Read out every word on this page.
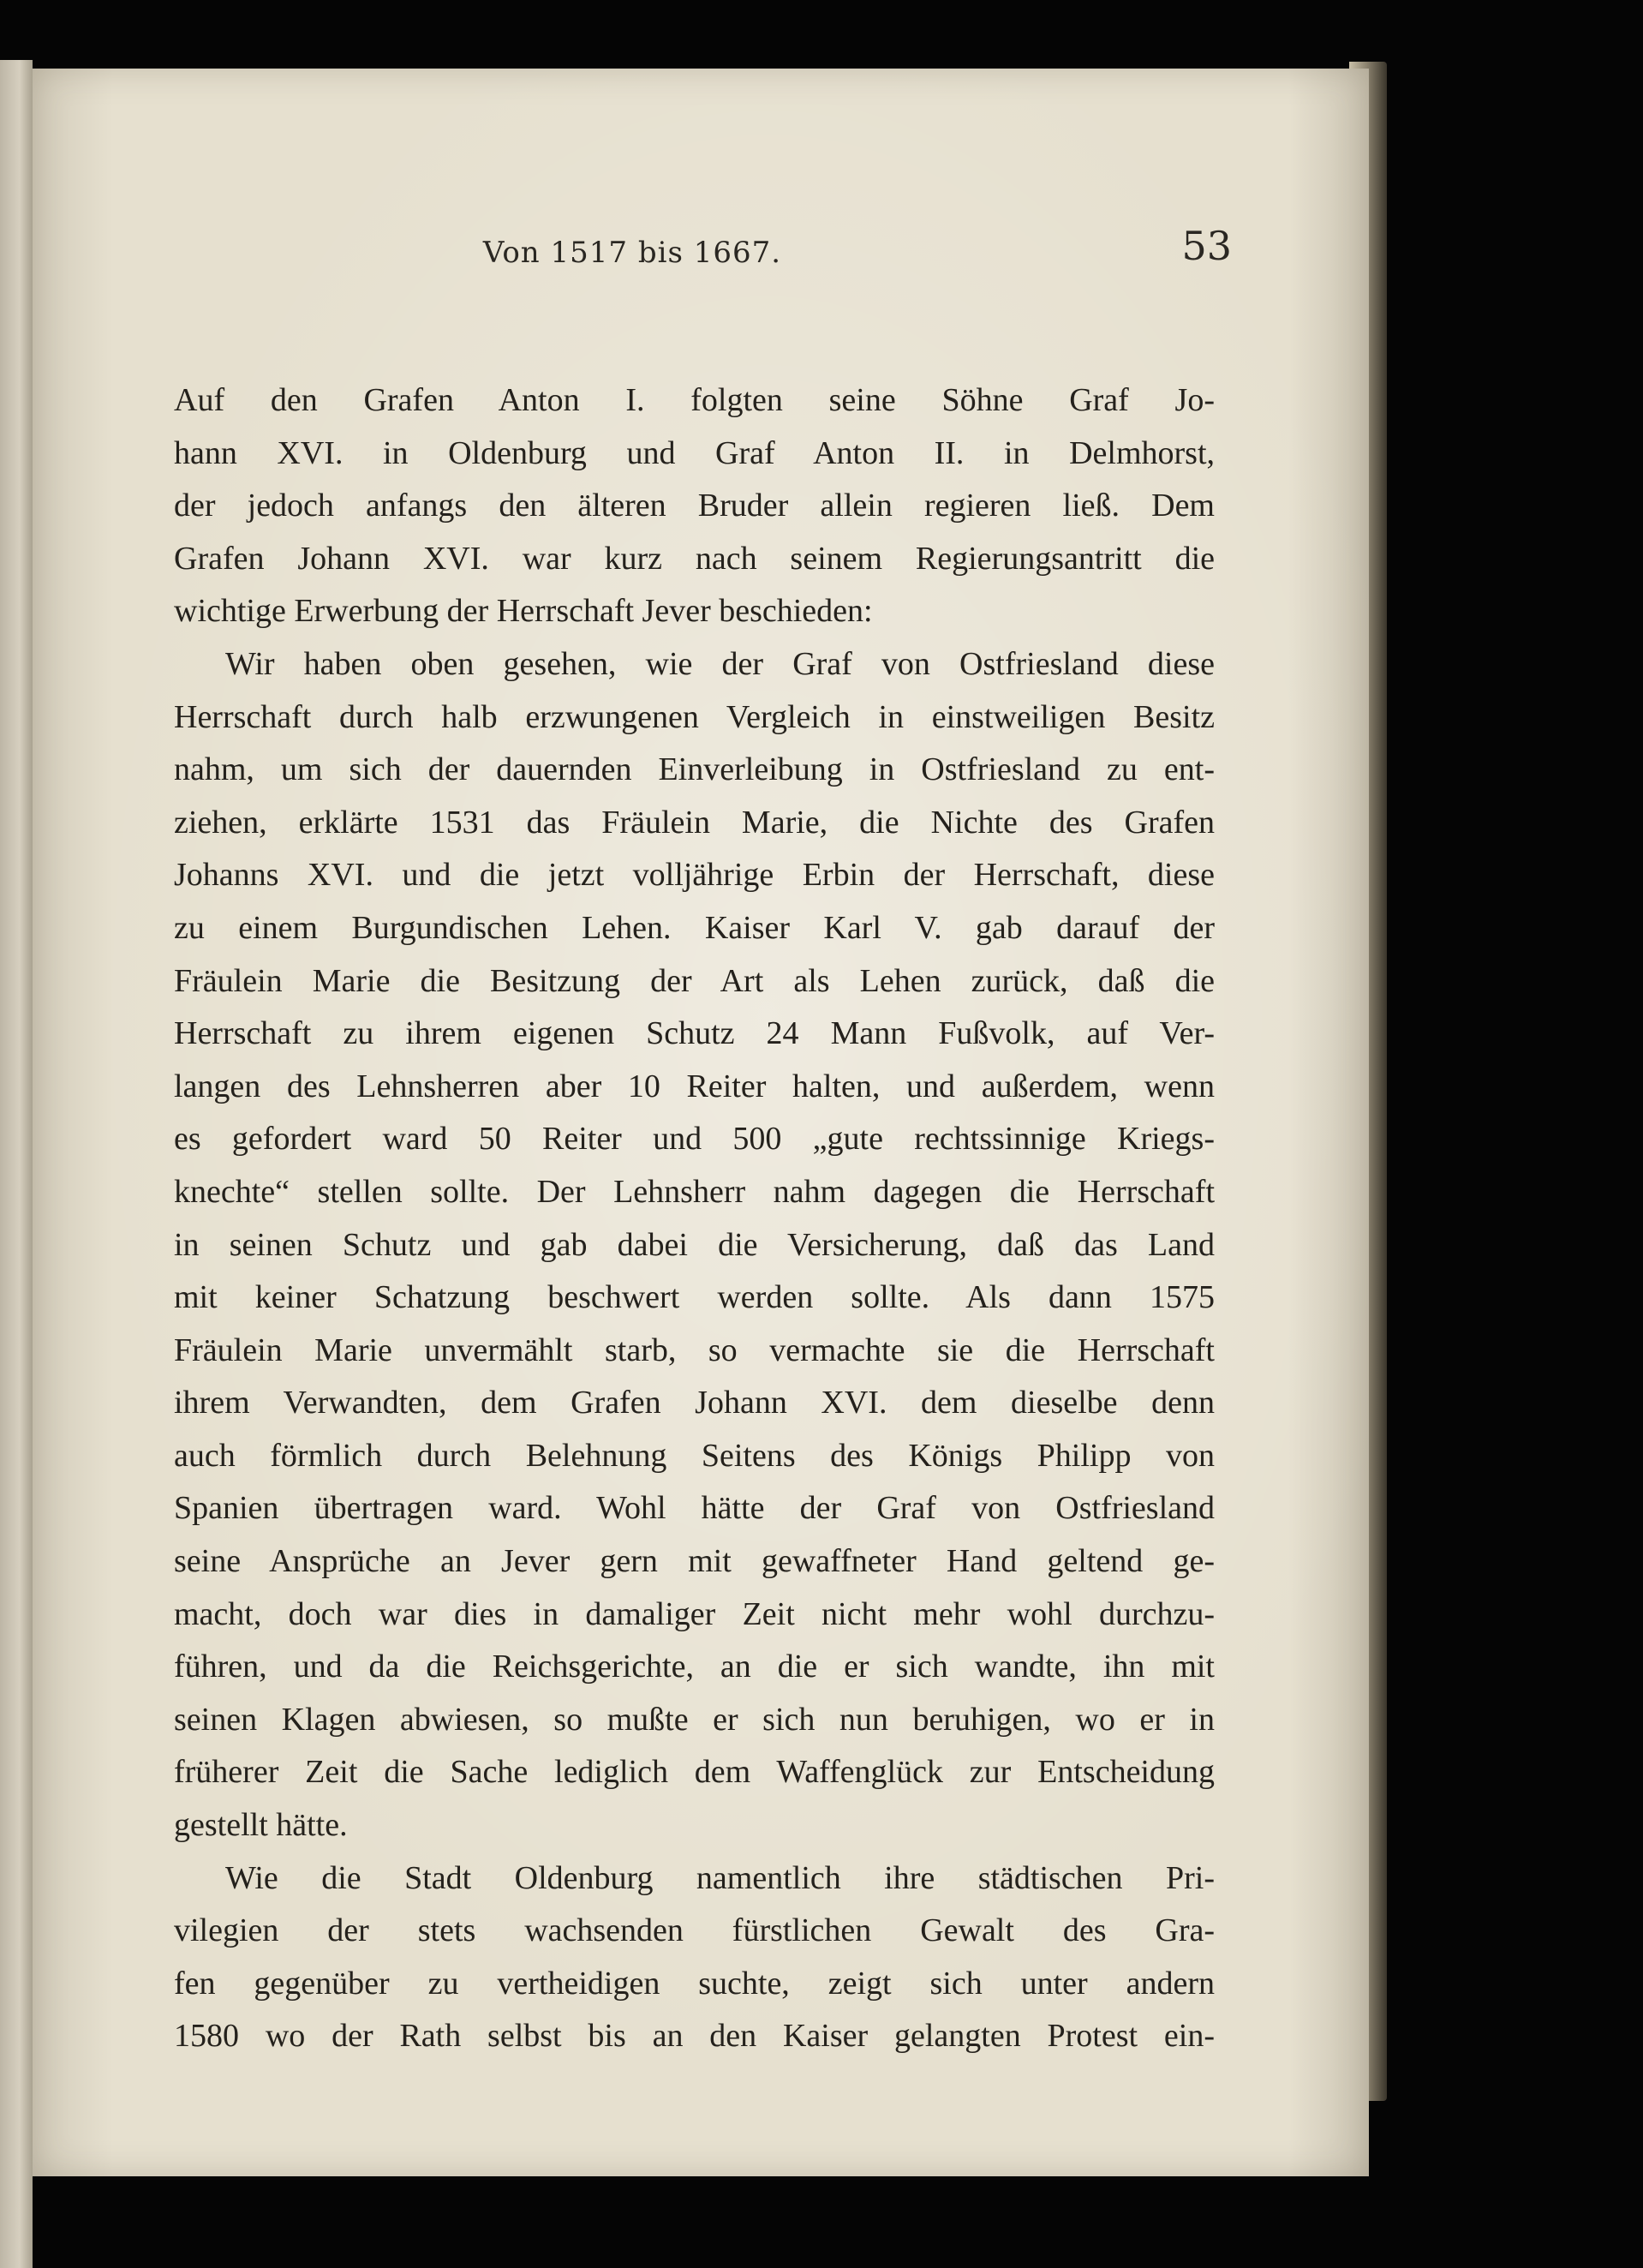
Von 1517 bis 1667.	53
Auf den Grafen Anton I. folgten seine Söhne Graf Jo-
hann XVI. in Oldenburg und Graf Anton II. in Delmhorst,
der jedoch anfangs den älteren Bruder allein regieren ließ. Dem
Grafen Johann XVI. war kurz nach seinem Regierungsantritt die
wichtige Erwerbung der Herrschaft Jever beschieden:
Wir haben oben gesehen, wie der Graf von Ostfriesland diese
Herrschaft durch halb erzwungenen Vergleich in einstweiligen Besitz
nahm, um sich der dauernden Einverleibung in Ostfriesland zu ent-
ziehen, erklärte 1531 das Fräulein Marie, die Nichte des Grafen
Johanns XVI. und die jetzt volljährige Erbin der Herrschaft, diese
zu einem Burgundischen Lehen. Kaiser Karl V. gab darauf der
Fräulein Marie die Besitzung der Art als Lehen zurück, daß die
Herrschaft zu ihrem eigenen Schutz 24 Mann Fußvolk, auf Ver-
langen des Lehnsherren aber 10 Reiter halten, und außerdem, wenn
es gefordert ward 50 Reiter und 500 „gute rechtssinnige Kriegs-
knechte“ stellen sollte. Der Lehnsherr nahm dagegen die Herrschaft
in seinen Schutz und gab dabei die Versicherung, daß das Land
mit keiner Schatzung beschwert werden sollte. Als dann 1575
Fräulein Marie unvermählt starb, so vermachte sie die Herrschaft
ihrem Verwandten, dem Grafen Johann XVI. dem dieselbe denn
auch förmlich durch Belehnung Seitens des Königs Philipp von
Spanien übertragen ward. Wohl hätte der Graf von Ostfriesland
seine Ansprüche an Jever gern mit gewaffneter Hand geltend ge-
macht, doch war dies in damaliger Zeit nicht mehr wohl durchzu-
führen, und da die Reichsgerichte, an die er sich wandte, ihn mit
seinen Klagen abwiesen, so mußte er sich nun beruhigen, wo er in
früherer Zeit die Sache lediglich dem Waffenglück zur Entscheidung
gestellt hätte.
Wie die Stadt Oldenburg namentlich ihre städtischen Pri-
vilegien der stets wachsenden fürstlichen Gewalt des Gra-
fen gegenüber zu vertheidigen suchte, zeigt sich unter andern
1580 wo der Rath selbst bis an den Kaiser gelangten Protest ein-
